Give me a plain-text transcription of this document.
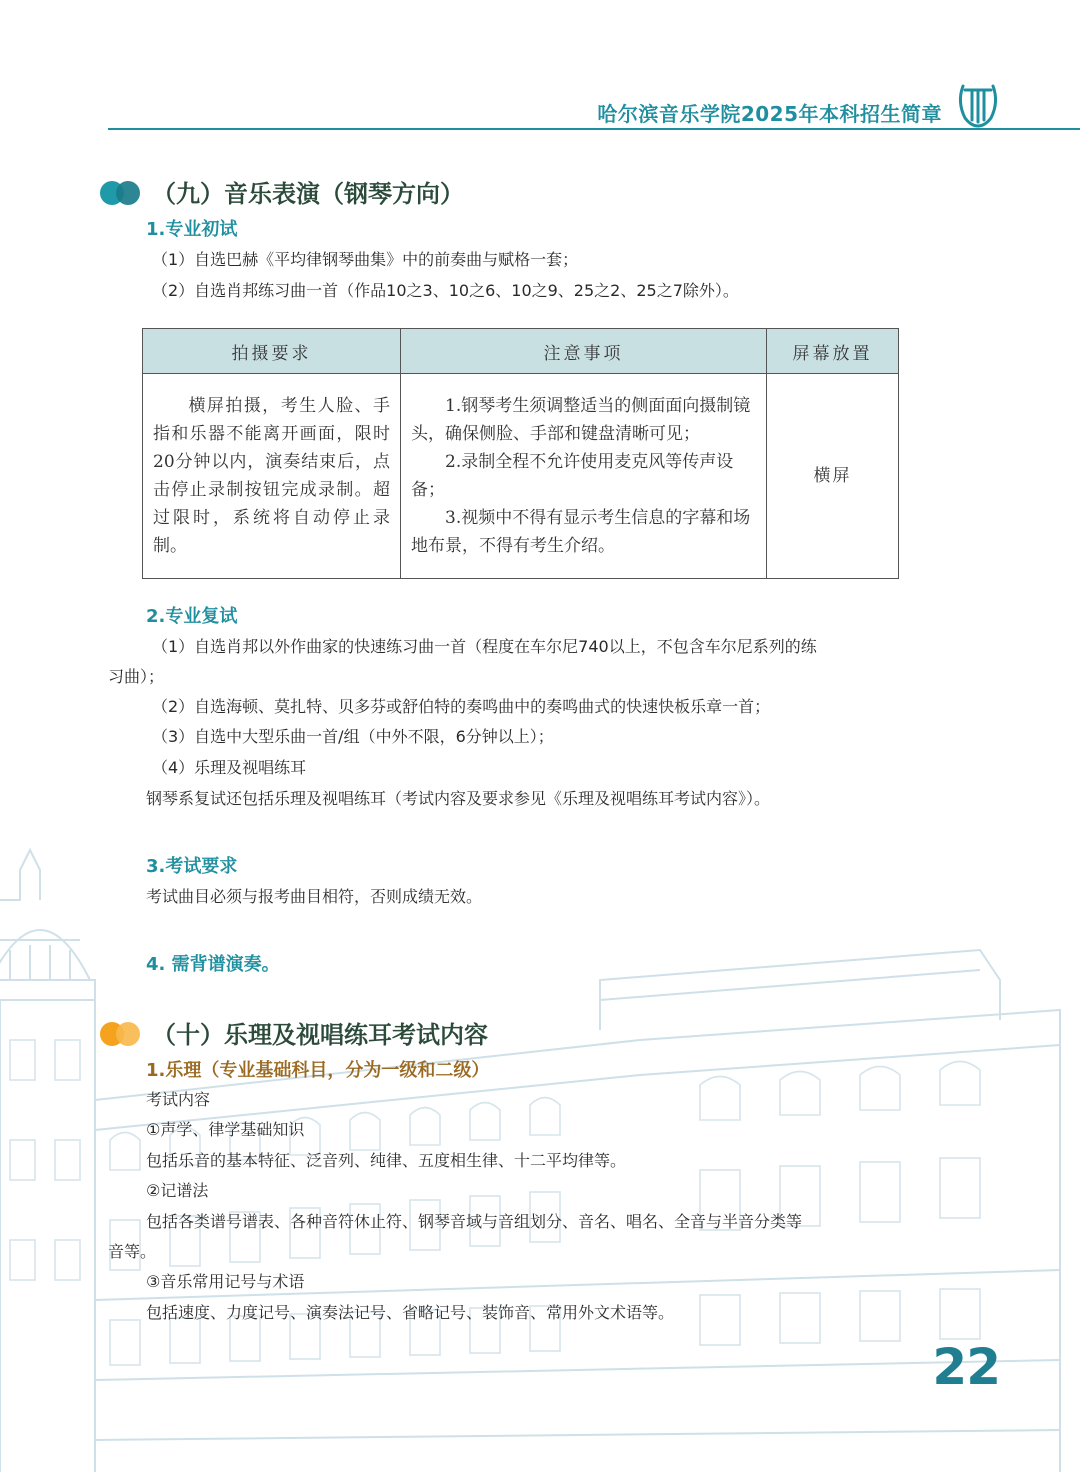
哈尔滨音乐学院2025年本科招生简章
（九）音乐表演（钢琴方向）
1.专业初试
（1）自选巴赫《平均律钢琴曲集》中的前奏曲与赋格一套；
（2）自选肖邦练习曲一首（作品10之3、10之6、10之9、25之2、25之7除外）。
拍摄要求	注意事项	屏幕放置
横屏拍摄，考生人脸、手指和乐器不能离开画面，限时20分钟以内，演奏结束后，点击停止录制按钮完成录制。超过限时，系统将自动停止录制。	1.钢琴考生须调整适当的侧面面向摄制镜头，确保侧脸、手部和键盘清晰可见；
2.录制全程不允许使用麦克风等传声设备；
3.视频中不得有显示考生信息的字幕和场地布景，不得有考生介绍。	横屏
2.专业复试
（1）自选肖邦以外作曲家的快速练习曲一首（程度在车尔尼740以上，不包含车尔尼系列的练
习曲）；
（2）自选海顿、莫扎特、贝多芬或舒伯特的奏鸣曲中的奏鸣曲式的快速快板乐章一首；
（3）自选中大型乐曲一首/组（中外不限，6分钟以上）；
（4）乐理及视唱练耳
钢琴系复试还包括乐理及视唱练耳（考试内容及要求参见《乐理及视唱练耳考试内容》）。
3.考试要求
考试曲目必须与报考曲目相符，否则成绩无效。
4. 需背谱演奏。
（十）乐理及视唱练耳考试内容
1.乐理（专业基础科目，分为一级和二级）
考试内容
①声学、律学基础知识
包括乐音的基本特征、泛音列、纯律、五度相生律、十二平均律等。
②记谱法
包括各类谱号谱表、各种音符休止符、钢琴音域与音组划分、音名、唱名、全音与半音分类等
音等。
③音乐常用记号与术语
包括速度、力度记号、演奏法记号、省略记号、装饰音、常用外文术语等。
22
